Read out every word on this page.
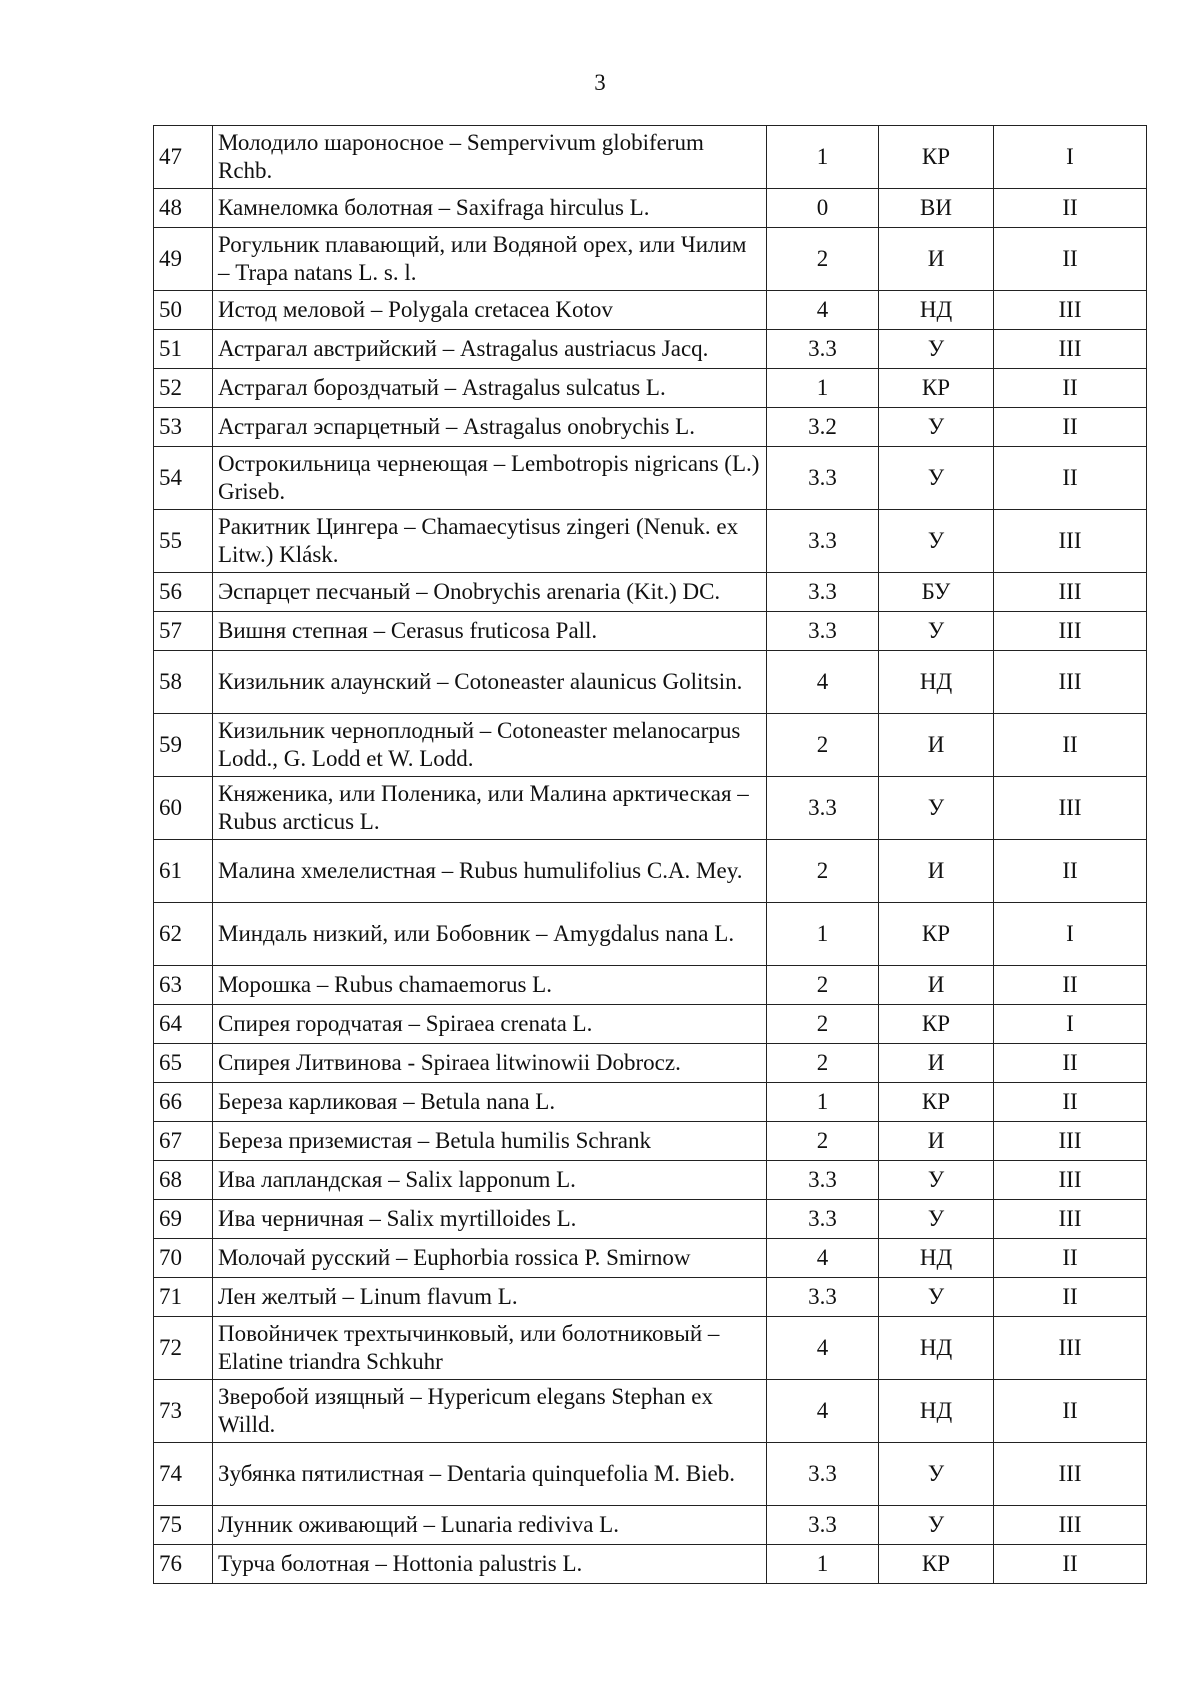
3
47	Молодило шароносное – Sempervivum globiferum Rchb.	1	КР	I
48	Камнеломка болотная – Saxifraga hirculus L.	0	ВИ	II
49	Рогульник плавающий, или Водяной орех, или Чилим – Trapa natans L. s. l.	2	И	II
50	Истод меловой – Polygala cretacea Kotov	4	НД	III
51	Астрагал австрийский – Astragalus austriacus Jacq.	3.3	У	III
52	Астрагал бороздчатый – Astragalus sulcatus L.	1	КР	II
53	Астрагал эспарцетный – Astragalus onobrychis L.	3.2	У	II
54	Острокильница чернеющая – Lembotropis nigricans (L.) Griseb.	3.3	У	II
55	Ракитник Цингера – Chamaecytisus zingeri (Nenuk. ex Litw.) Klásk.	3.3	У	III
56	Эспарцет песчаный – Onobrychis arenaria (Kit.) DC.	3.3	БУ	III
57	Вишня степная – Cerasus fruticosa Pall.	3.3	У	III
58	Кизильник алаунский – Cotoneaster alaunicus Golitsin.	4	НД	III
59	Кизильник черноплодный – Cotoneaster melanocarpus Lodd., G. Lodd et W. Lodd.	2	И	II
60	Княженика, или Поленика, или Малина арктическая – Rubus arcticus L.	3.3	У	III
61	Малина хмелелистная – Rubus humulifolius C.A. Mey.	2	И	II
62	Миндаль низкий, или Бобовник – Amygdalus nana L.	1	КР	I
63	Морошка – Rubus chamaemorus L.	2	И	II
64	Спирея городчатая – Spiraea crenata L.	2	КР	I
65	Спирея Литвинова - Spiraea litwinowii Dobrocz.	2	И	II
66	Береза карликовая – Betula nana L.	1	КР	II
67	Береза приземистая – Betula humilis Schrank	2	И	III
68	Ива лапландская – Salix lapponum L.	3.3	У	III
69	Ива черничная – Salix myrtilloides L.	3.3	У	III
70	Молочай русский – Euphorbia rossica P. Smirnow	4	НД	II
71	Лен желтый – Linum flavum L.	3.3	У	II
72	Повойничек трехтычинковый, или болотниковый – Elatine triandra Schkuhr	4	НД	III
73	Зверобой изящный – Hypericum elegans Stephan ex Willd.	4	НД	II
74	Зубянка пятилистная – Dentaria quinquefolia M. Bieb.	3.3	У	III
75	Лунник оживающий – Lunaria rediviva L.	3.3	У	III
76	Турча болотная – Hottonia palustris L.	1	КР	II
